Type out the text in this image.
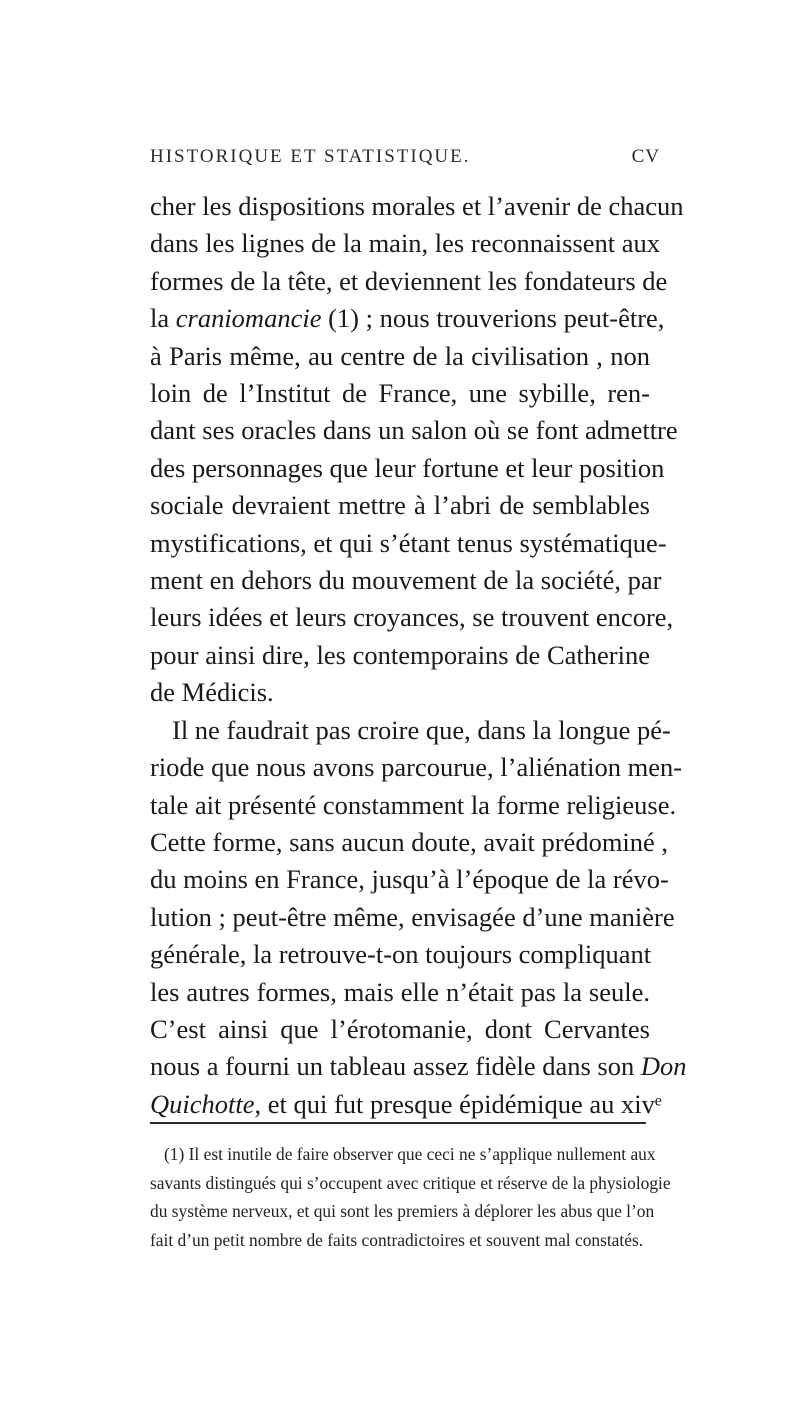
HISTORIQUE ET STATISTIQUE.	CV
cher les dispositions morales et l’avenir de chacun
dans les lignes de la main, les reconnaissent aux
formes de la tête, et deviennent les fondateurs de
la craniomancie (1) ; nous trouverions peut-être,
à Paris même, au centre de la civilisation , non
loin de l’Institut de France, une sybille, ren-
dant ses oracles dans un salon où se font admettre
des personnages que leur fortune et leur position
sociale devraient mettre à l’abri de semblables
mystifications, et qui s’étant tenus systématique-
ment en dehors du mouvement de la société, par
leurs idées et leurs croyances, se trouvent encore,
pour ainsi dire, les contemporains de Catherine
de Médicis.
Il ne faudrait pas croire que, dans la longue pé-
riode que nous avons parcourue, l’aliénation men-
tale ait présenté constamment la forme religieuse.
Cette forme, sans aucun doute, avait prédominé ,
du moins en France, jusqu’à l’époque de la révo-
lution ; peut-être même, envisagée d’une manière
générale, la retrouve-t-on toujours compliquant
les autres formes, mais elle n’était pas la seule.
C’est ainsi que l’érotomanie, dont Cervantes
nous a fourni un tableau assez fidèle dans son Don
Quichotte, et qui fut presque épidémique au xivᵉ
(1) Il est inutile de faire observer que ceci ne s’applique nullement aux
savants distingués qui s’occupent avec critique et réserve de la physiologie
du système nerveux, et qui sont les premiers à déplorer les abus que l’on
fait d’un petit nombre de faits contradictoires et souvent mal constatés.
